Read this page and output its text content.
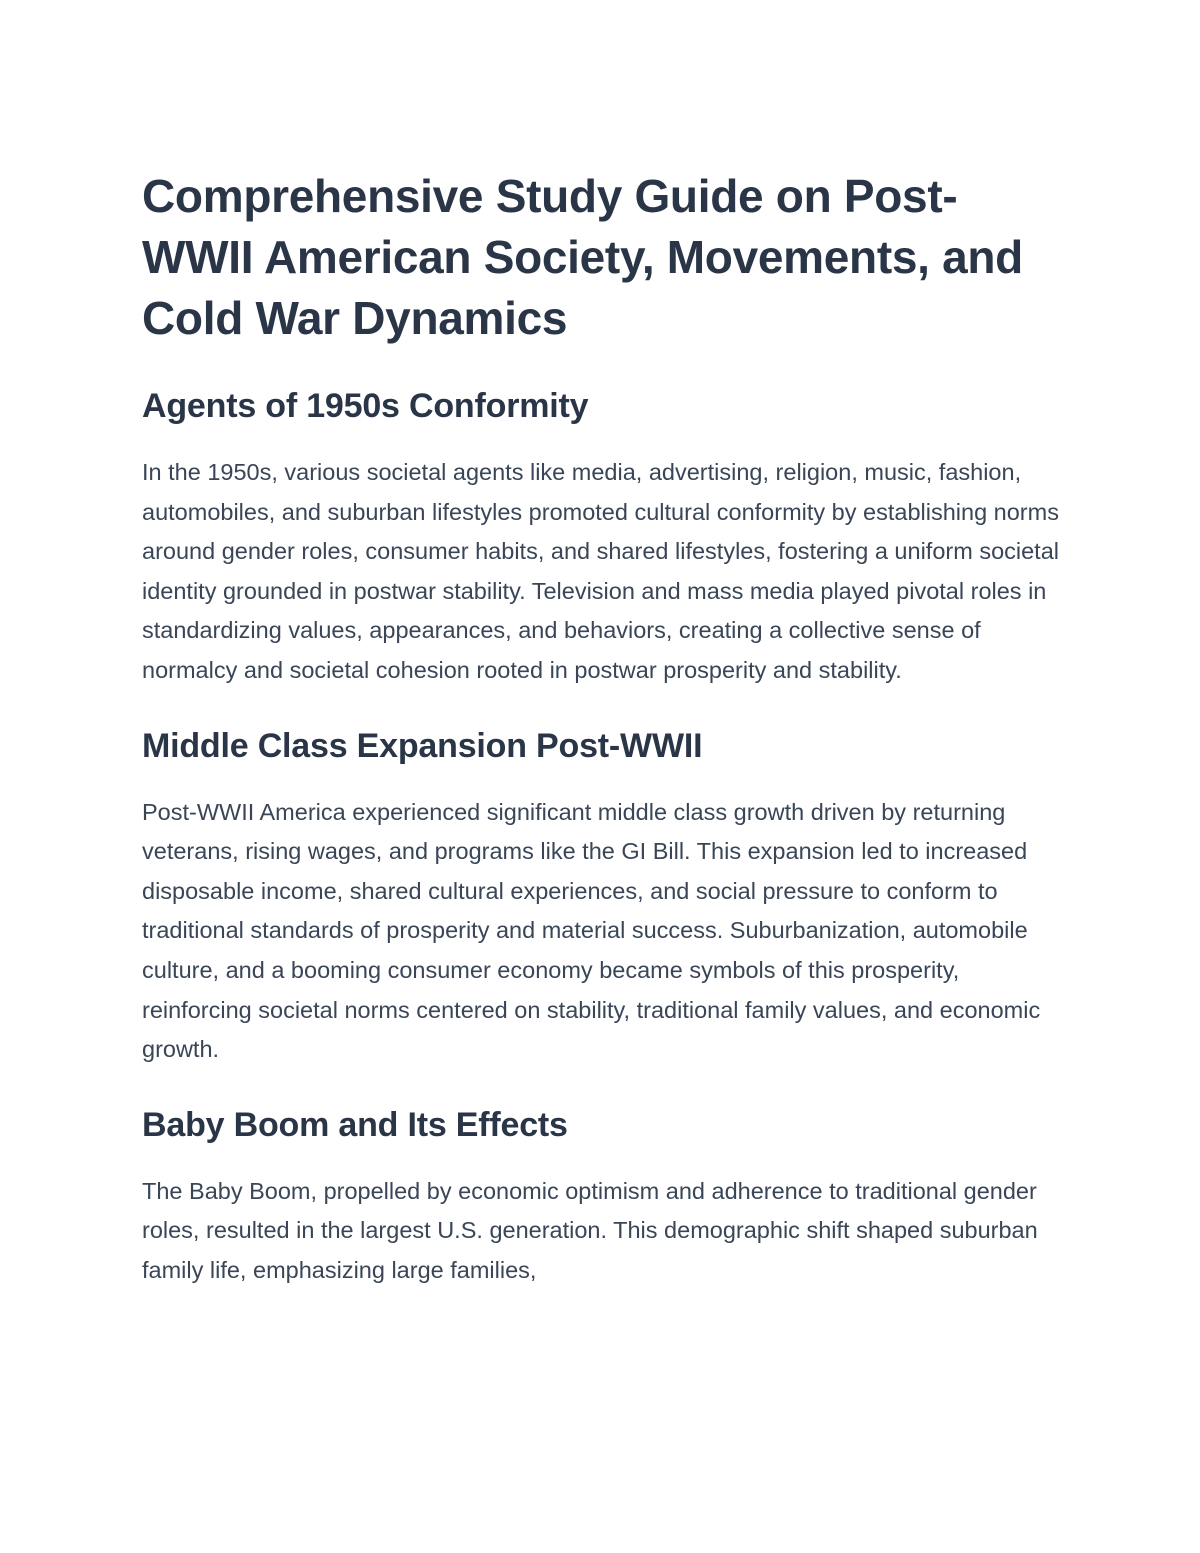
Comprehensive Study Guide on Post-WWII American Society, Movements, and Cold War Dynamics
Agents of 1950s Conformity

In the 1950s, various societal agents like media, advertising, religion, music, fashion, automobiles, and suburban lifestyles promoted cultural conformity by establishing norms around gender roles, consumer habits, and shared lifestyles, fostering a uniform societal identity grounded in postwar stability. Television and mass media played pivotal roles in standardizing values, appearances, and behaviors, creating a collective sense of normalcy and societal cohesion rooted in postwar prosperity and stability.

Middle Class Expansion Post-WWII

Post-WWII America experienced significant middle class growth driven by returning veterans, rising wages, and programs like the GI Bill. This expansion led to increased disposable income, shared cultural experiences, and social pressure to conform to traditional standards of prosperity and material success. Suburbanization, automobile culture, and a booming consumer economy became symbols of this prosperity, reinforcing societal norms centered on stability, traditional family values, and economic growth.

Baby Boom and Its Effects

The Baby Boom, propelled by economic optimism and adherence to traditional gender roles, resulted in the largest U.S. generation. This demographic shift shaped suburban family life, emphasizing large families,
